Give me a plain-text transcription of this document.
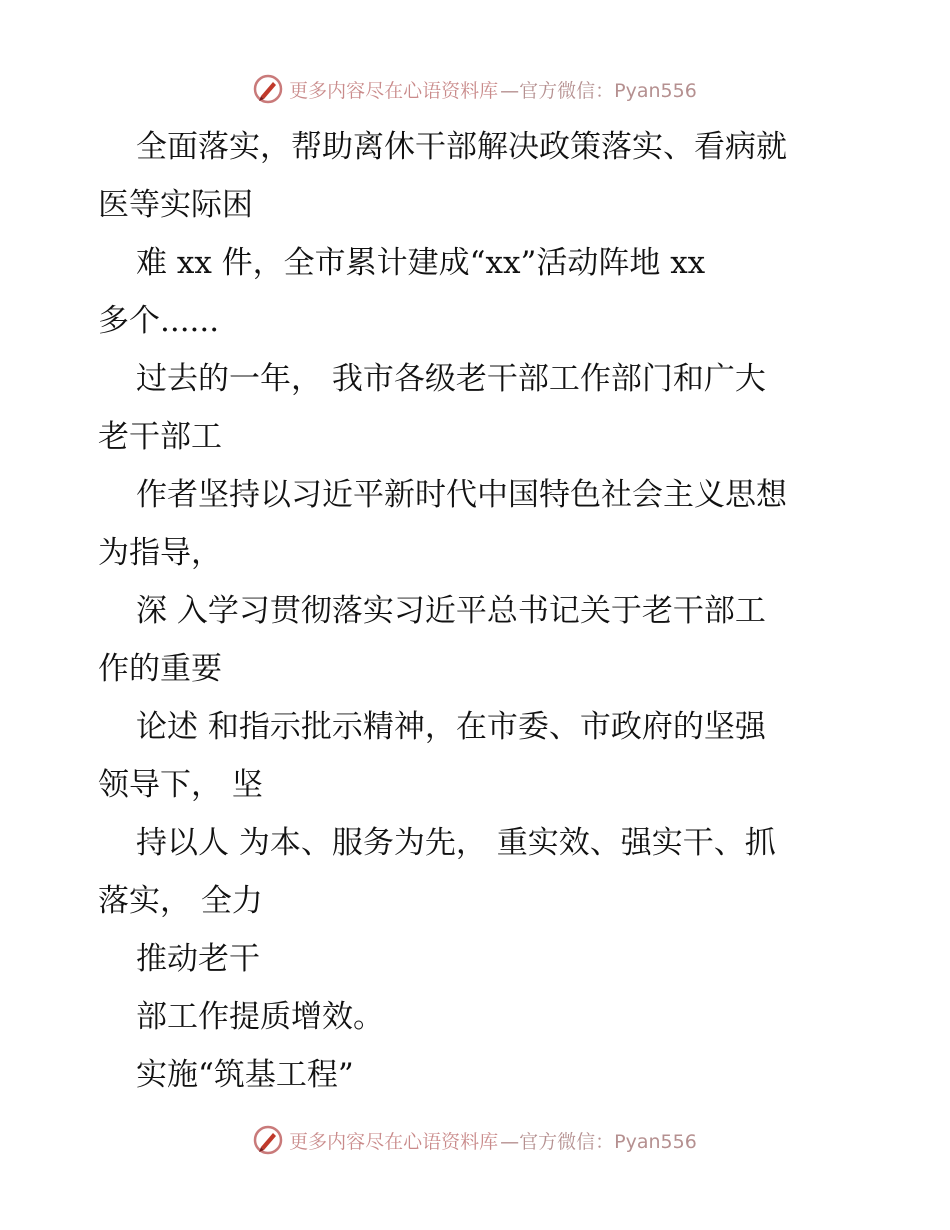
更多内容尽在心语资料库 —官方微信：Pyan556
全面落实，帮助离休干部解决政策落实、看病就
医等实际困
难 xx 件，全市累计建成“xx”活动阵地 xx
多个......
过去的一年， 我市各级老干部工作部门和广大
老干部工
作者坚持以习近平新时代中国特色社会主义思想
为指导，
深 入学习贯彻落实习近平总书记关于老干部工
作的重要
论述 和指示批示精神，在市委、市政府的坚强
领导下， 坚
持以人 为本、服务为先， 重实效、强实干、抓
落实， 全力
推动老干
部工作提质增效。
实施“筑基工程”
更多内容尽在心语资料库 —官方微信：Pyan556
